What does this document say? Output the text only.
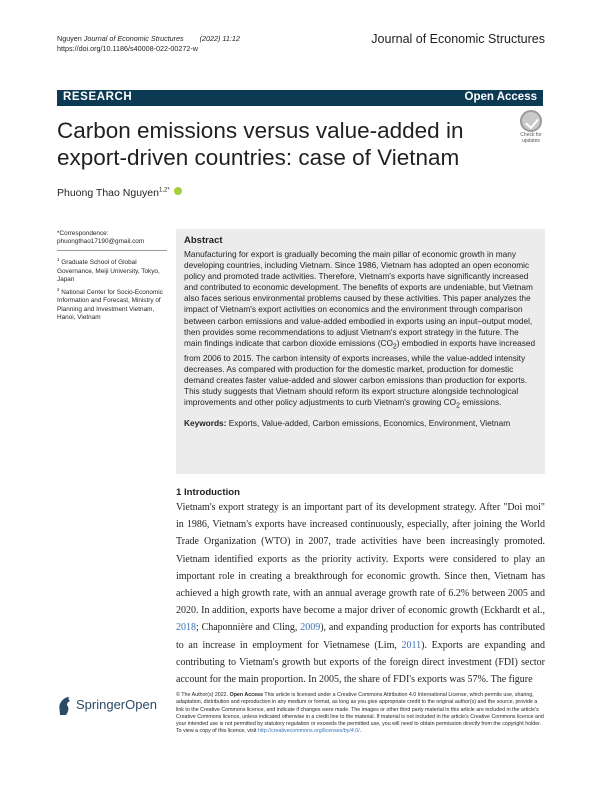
Nguyen Journal of Economic Structures (2022) 11:12
https://doi.org/10.1186/s40008-022-00272-w
Journal of Economic Structures
RESEARCH	Open Access
Carbon emissions versus value-added in export-driven countries: case of Vietnam
Check for updates
Phuong Thao Nguyen$^{1,2*}$
*Correspondence: phuongthao17190@gmail.com
$^1$ Graduate School of Global Governance, Meiji University, Tokyo, Japan
$^2$ National Center for Socio-Economic Information and Forecast, Ministry of Planning and Investment Vietnam, Hanoi, Vietnam
Abstract
Manufacturing for export is gradually becoming the main pillar of economic growth in many developing countries, including Vietnam. Since 1986, Vietnam has adopted an open economic policy and promoted trade activities. Therefore, Vietnam's exports have significantly increased and contributed to economic development. The benefits of exports are undeniable, but Vietnam also faces serious environmental problems caused by these activities. This paper analyzes the impact of Vietnam's export activities on economics and the environment through comparison between carbon emissions and value-added embodied in exports using an input–output model, then provides some recommendations to adjust Vietnam's export strategy in the future. The main findings indicate that carbon dioxide emissions $(CO_2)$ embodied in exports have increased from 2006 to 2015. The carbon intensity of exports increases, while the value-added intensity decreases. As compared with production for the domestic market, production for domestic demand creates faster value-added and slower carbon emissions than production for exports. This study suggests that Vietnam should reform its export structure alongside technological improvements and other policy adjustments to curb Vietnam's growing $CO_2$ emissions.
Keywords: Exports, Value-added, Carbon emissions, Economics, Environment, Vietnam
1 Introduction
Vietnam's export strategy is an important part of its development strategy. After "Doi moi" in 1986, Vietnam's exports have increased continuously, especially, after joining the World Trade Organization (WTO) in 2007, trade activities have been increasingly promoted. Vietnam identified exports as the priority activity. Exports were considered to play an important role in creating a breakthrough for economic growth. Since then, Vietnam has achieved a high growth rate, with an annual average growth rate of 6.2% between 2005 and 2020. In addition, exports have become a major driver of economic growth (Eckhardt et al., 2018; Chaponnière and Cling, 2009), and expanding production for exports has contributed to an increase in employment for Vietnamese (Lim, 2011). Exports are expanding and contributing to Vietnam's growth but exports of the foreign direct investment (FDI) sector account for the main proportion. In 2005, the share of FDI's exports was 57%. The figure
SpringerOpen
© The Author(s) 2022. Open Access This article is licensed under a Creative Commons Attribution 4.0 International License, which permits use, sharing, adaptation, distribution and reproduction in any medium or format, as long as you give appropriate credit to the original author(s) and the source, provide a link to the Creative Commons licence, and indicate if changes were made. The images or other third party material in this article are included in the article's Creative Commons licence, unless indicated otherwise in a credit line to the material. If material is not included in the article's Creative Commons licence and your intended use is not permitted by statutory regulation or exceeds the permitted use, you will need to obtain permission directly from the copyright holder. To view a copy of this licence, visit http://creativecommons.org/licenses/by/4.0/.
